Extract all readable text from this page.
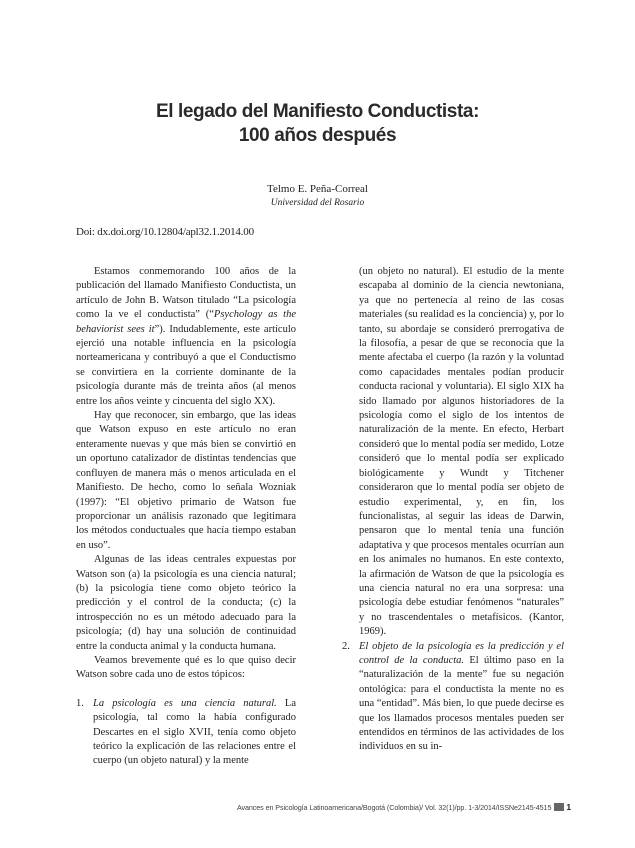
El legado del Manifiesto Conductista:
100 años después
Telmo E. Peña-Correal
Universidad del Rosario
Doi: dx.doi.org/10.12804/apl32.1.2014.00

Estamos conmemorando 100 años de la publicación del llamado Manifiesto Conductista, un artículo de John B. Watson titulado “La psicología como la ve el conductista” (“Psychology as the behaviorist sees it”). Indudablemente, este artículo ejerció una notable influencia en la psicología norteamericana y contribuyó a que el Conductismo se convirtiera en la corriente dominante de la psicología durante más de treinta años (al menos entre los años veinte y cincuenta del siglo XX).

Hay que reconocer, sin embargo, que las ideas que Watson expuso en este artículo no eran enteramente nuevas y que más bien se convirtió en un oportuno catalizador de distintas tendencias que confluyen de manera más o menos articulada en el Manifiesto. De hecho, como lo señala Wozniak (1997): “El objetivo primario de Watson fue proporcionar un análisis razonado que legitimara los métodos conductuales que hacía tiempo estaban en uso”.

Algunas de las ideas centrales expuestas por Watson son (a) la psicología es una ciencia natural; (b) la psicología tiene como objeto teórico la predicción y el control de la conducta; (c) la introspección no es un método adecuado para la psicología; (d) hay una solución de continuidad entre la conducta animal y la conducta humana.

Veamos brevemente qué es lo que quiso decir Watson sobre cada uno de estos tópicos:

1. La psicología es una ciencia natural. La psicología, tal como la había configurado Descartes en el siglo XVII, tenía como objeto teórico la explicación de las relaciones entre el cuerpo (un objeto natural) y la mente

(un objeto no natural). El estudio de la mente escapaba al dominio de la ciencia newtoniana, ya que no pertenecía al reino de las cosas materiales (su realidad es la conciencia) y, por lo tanto, su abordaje se consideró prerrogativa de la filosofía, a pesar de que se reconocía que la mente afectaba el cuerpo (la razón y la voluntad como capacidades mentales podían producir conducta racional y voluntaria). El siglo XIX ha sido llamado por algunos historiadores de la psicología como el siglo de los intentos de naturalización de la mente. En efecto, Herbart consideró que lo mental podía ser medido, Lotze consideró que lo mental podía ser explicado biológicamente y Wundt y Titchener consideraron que lo mental podía ser objeto de estudio experimental, y, en fin, los funcionalistas, al seguir las ideas de Darwin, pensaron que lo mental tenía una función adaptativa y que procesos mentales ocurrían aun en los animales no humanos. En este contexto, la afirmación de Watson de que la psicología es una ciencia natural no era una sorpresa: una psicología debe estudiar fenómenos “naturales” y no trascendentales o metafísicos. (Kantor, 1969).

2. El objeto de la psicología es la predicción y el control de la conducta. El último paso en la “naturalización de la mente” fue su negación ontológica: para el conductista la mente no es una “entidad”. Más bien, lo que puede decirse es que los llamados procesos mentales pueden ser entendidos en términos de las actividades de los individuos en su in-
Avances en Psicología Latinoamericana/Bogotá (Colombia)/ Vol. 32(1)/pp. 1-3/2014/ISSNe2145-4515 1
